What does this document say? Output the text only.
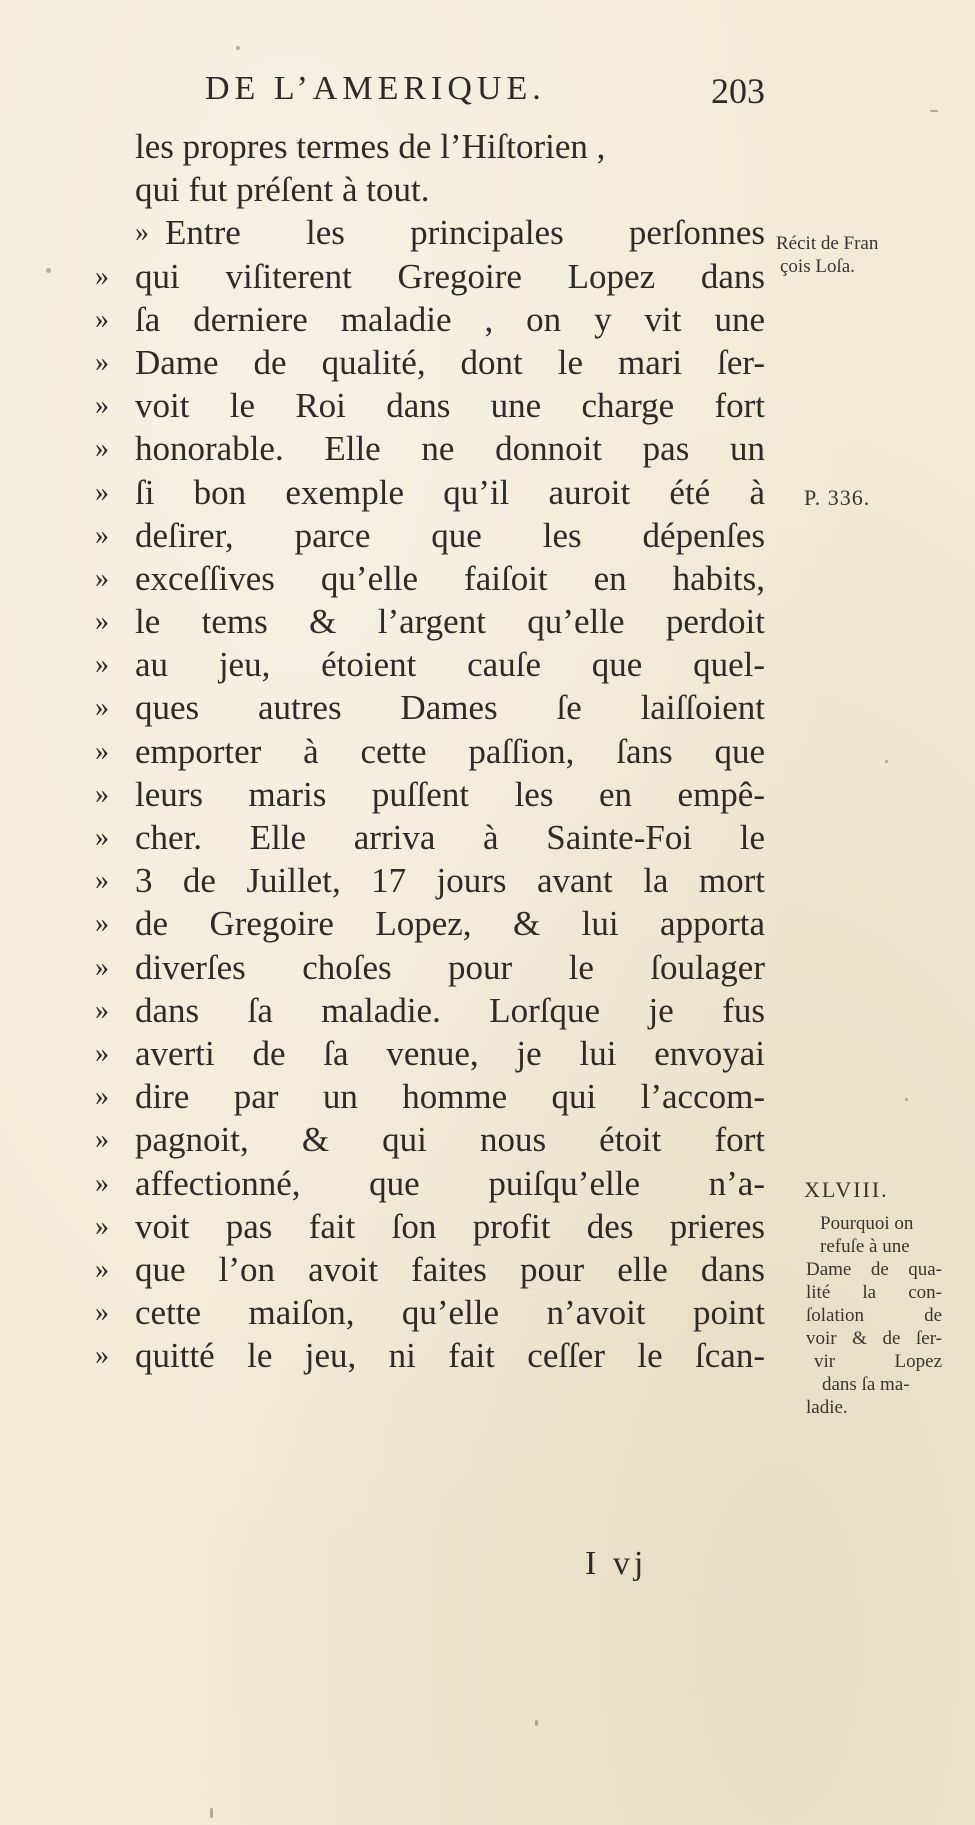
DE L’AMERIQUE.	203
les propres termes de l’Hiſtorien ,
qui fut préſent à tout.
» Entre les principales perſonnes
» qui viſiterent Gregoire Lopez dans
» ſa derniere maladie , on y vit une
» Dame de qualité, dont le mari ſer-
» voit le Roi dans une charge fort
» honorable. Elle ne donnoit pas un
» ſi bon exemple qu’il auroit été à
» deſirer, parce que les dépenſes
» exceſſives qu’elle faiſoit en habits,
» le tems & l’argent qu’elle perdoit
» au jeu, étoient cauſe que quel-
» ques autres Dames ſe laiſſoient
» emporter à cette paſſion, ſans que
» leurs maris puſſent les en empê-
» cher. Elle arriva à Sainte-Foi le
» 3 de Juillet, 17 jours avant la mort
» de Gregoire Lopez, & lui apporta
» diverſes choſes pour le ſoulager
» dans ſa maladie. Lorſque je fus
» averti de ſa venue, je lui envoyai
» dire par un homme qui l’accom-
» pagnoit, & qui nous étoit fort
» affectionné, que puiſqu’elle n’a-
» voit pas fait ſon profit des prieres
» que l’on avoit faites pour elle dans
» cette maiſon, qu’elle n’avoit point
» quitté le jeu, ni fait ceſſer le ſcan-
Récit de Fran
çois Loſa.
P. 336.
XLVIII.
Pourquoi on
refuſe à une
Dame de qua-
lité la con-
ſolation de
voir & de ſer-
vir Lopez
dans ſa ma-
ladie.
I vj
